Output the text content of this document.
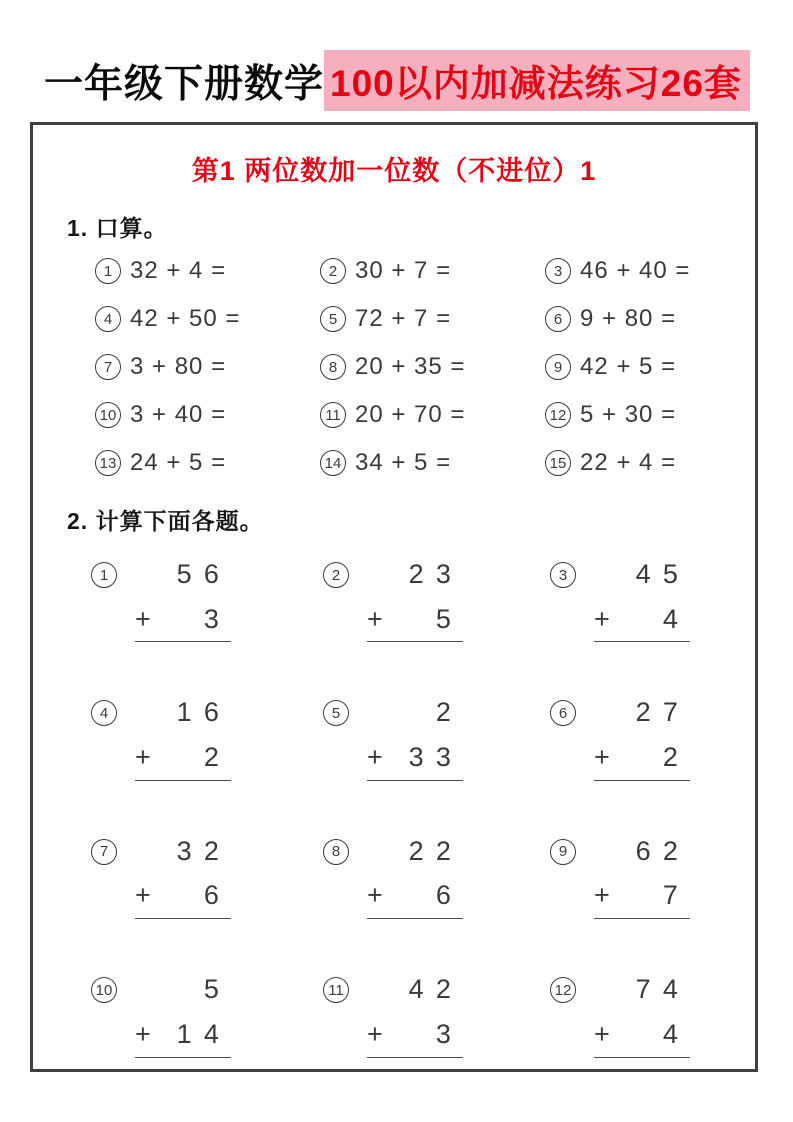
一年级下册数学 100以内加减法练习26套
第1 两位数加一位数（不进位）1
1. 口算。
1 32 + 4 =	2 30 + 7 =	3 46 + 40 =
4 42 + 50 =	5 72 + 7 =	6 9 + 80 =
7 3 + 80 =	8 20 + 35 =	9 42 + 5 =
10 3 + 40 =	11 20 + 70 =	12 5 + 30 =
13 24 + 5 =	14 34 + 5 =	15 22 + 4 =
2. 计算下面各题。
1	56
+ 3
2	23
+ 5
3	45
+ 4
4	16
+ 2
5	2
+ 33
6	27
+ 2
7	32
+ 6
8	22
+ 6
9	62
+ 7
10	5
+ 14
11	42
+ 3
12	74
+ 4
